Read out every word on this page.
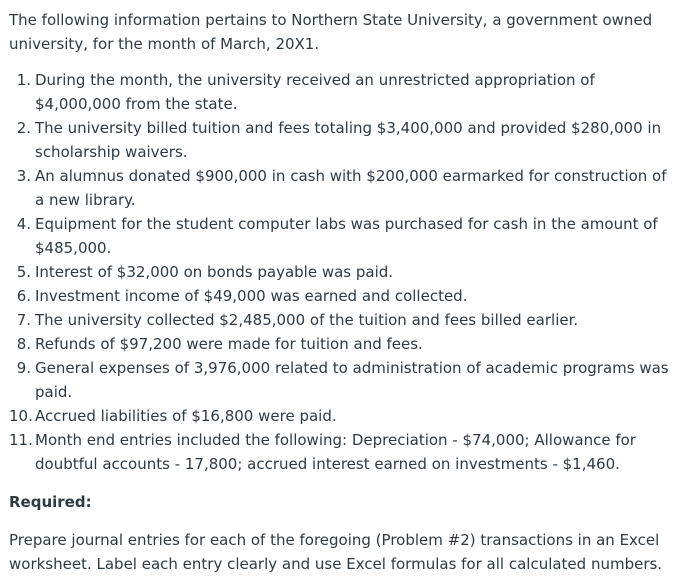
The following information pertains to Northern State University, a government owned university, for the month of March, 20X1.

1. During the month, the university received an unrestricted appropriation of $4,000,000 from the state.
2. The university billed tuition and fees totaling $3,400,000 and provided $280,000 in scholarship waivers.
3. An alumnus donated $900,000 in cash with $200,000 earmarked for construction of a new library.
4. Equipment for the student computer labs was purchased for cash in the amount of $485,000.
5. Interest of $32,000 on bonds payable was paid.
6. Investment income of $49,000 was earned and collected.
7. The university collected $2,485,000 of the tuition and fees billed earlier.
8. Refunds of $97,200 were made for tuition and fees.
9. General expenses of 3,976,000 related to administration of academic programs was paid.
10. Accrued liabilities of $16,800 were paid.
11. Month end entries included the following: Depreciation - $74,000; Allowance for doubtful accounts - 17,800; accrued interest earned on investments - $1,460.

Required:

Prepare journal entries for each of the foregoing (Problem #2) transactions in an Excel worksheet. Label each entry clearly and use Excel formulas for all calculated numbers.
